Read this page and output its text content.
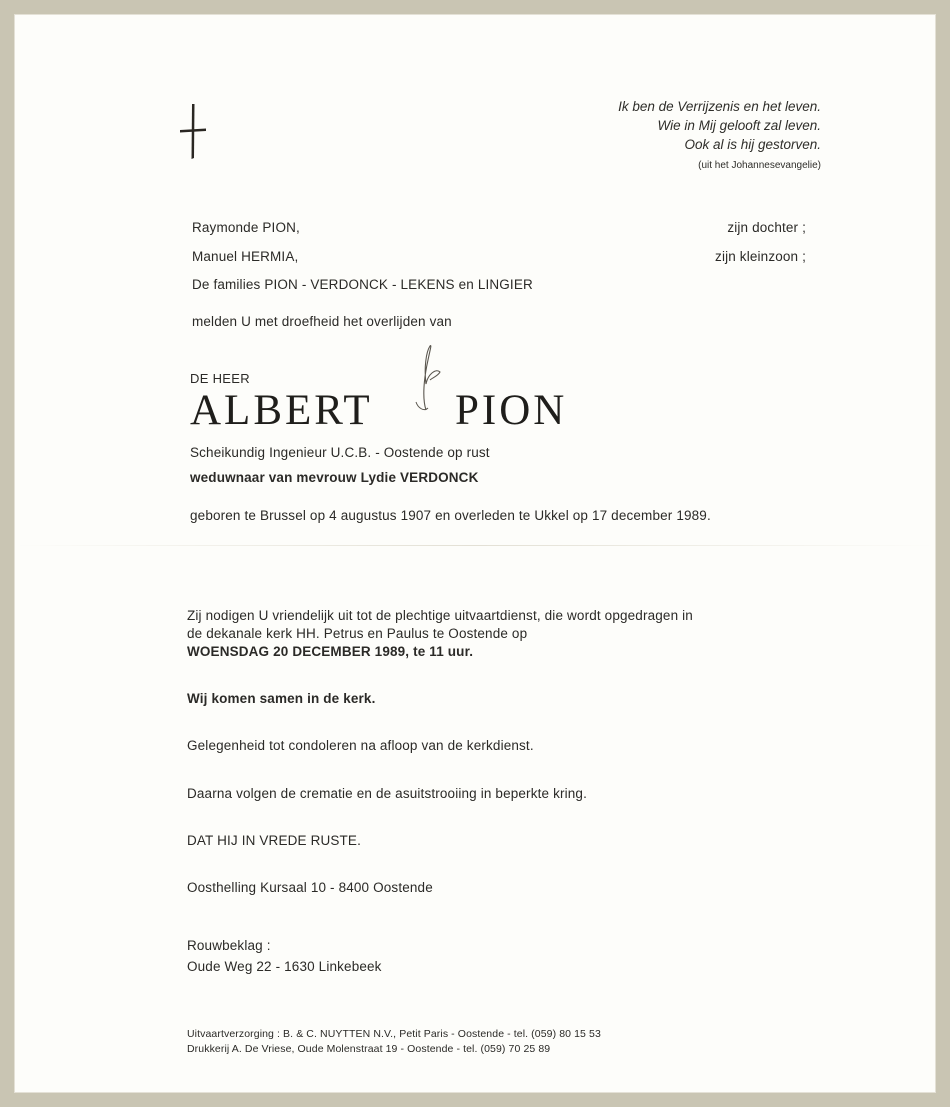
Ik ben de Verrijzenis en het leven.
Wie in Mij gelooft zal leven.
Ook al is hij gestorven.
(uit het Johannesevangelie)
Raymonde PION,	zijn dochter ;
Manuel HERMIA,	zijn kleinzoon ;
De families PION - VERDONCK - LEKENS en LINGIER
melden U met droefheid het overlijden van
DE HEER
ALBERT PION
Scheikundig Ingenieur U.C.B. - Oostende op rust
weduwnaar van mevrouw Lydie VERDONCK
geboren te Brussel op 4 augustus 1907 en overleden te Ukkel op 17 december 1989.
Zij nodigen U vriendelijk uit tot de plechtige uitvaartdienst, die wordt opgedragen in
de dekanale kerk HH. Petrus en Paulus te Oostende op
WOENSDAG 20 DECEMBER 1989, te 11 uur.
Wij komen samen in de kerk.
Gelegenheid tot condoleren na afloop van de kerkdienst.
Daarna volgen de crematie en de asuitstrooiing in beperkte kring.
DAT HIJ IN VREDE RUSTE.
Oosthelling Kursaal 10 - 8400 Oostende
Rouwbeklag :
Oude Weg 22 - 1630 Linkebeek
Uitvaartverzorging : B. & C. NUYTTEN N.V., Petit Paris - Oostende - tel. (059) 80 15 53
Drukkerij A. De Vriese, Oude Molenstraat 19 - Oostende - tel. (059) 70 25 89
